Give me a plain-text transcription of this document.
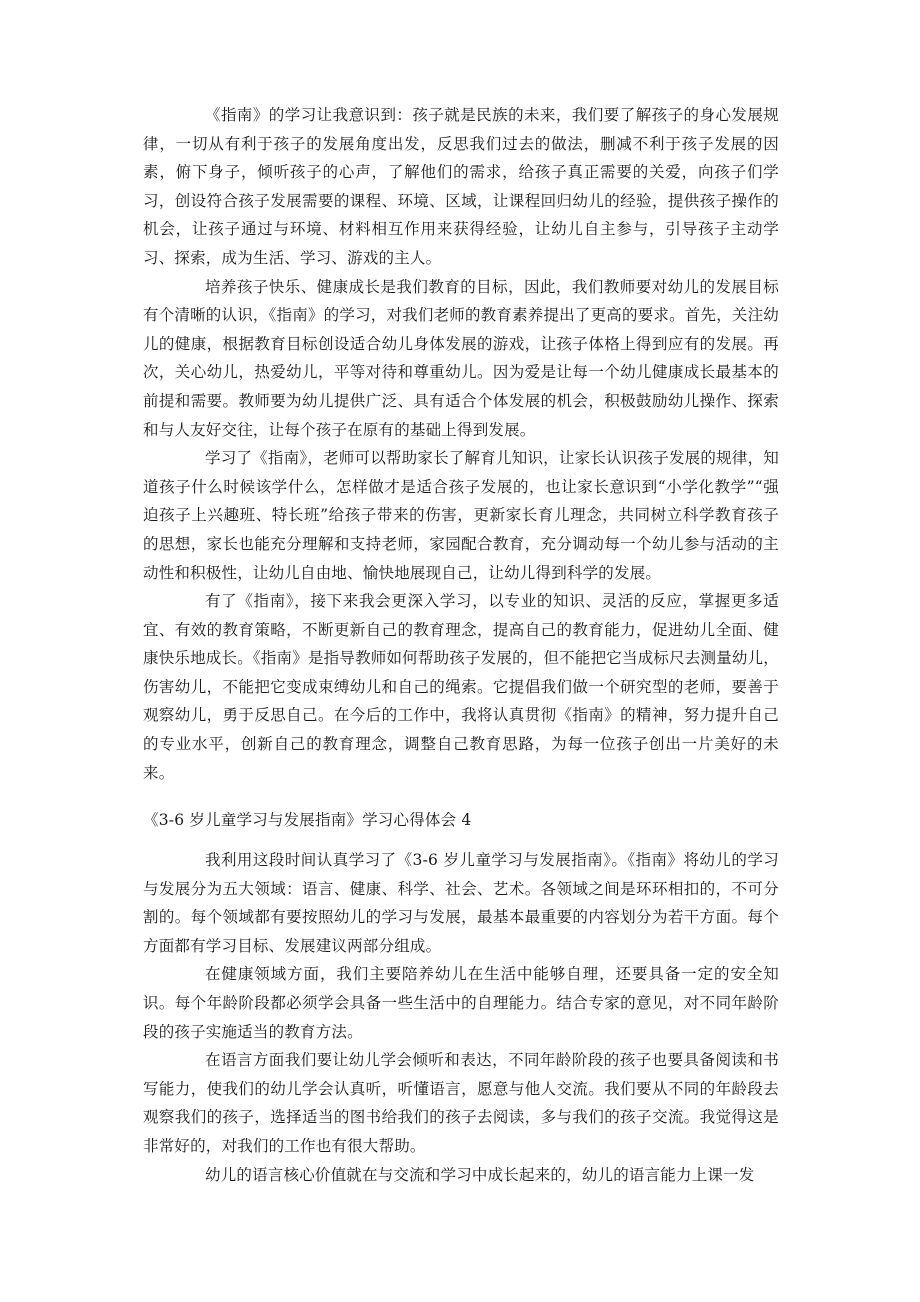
《指南》的学习让我意识到：孩子就是民族的未来，我们要了解孩子的身心发展规律，一切从有利于孩子的发展角度出发，反思我们过去的做法，删减不利于孩子发展的因素，俯下身子，倾听孩子的心声，了解他们的需求，给孩子真正需要的关爱，向孩子们学习，创设符合孩子发展需要的课程、环境、区域，让课程回归幼儿的经验，提供孩子操作的机会，让孩子通过与环境、材料相互作用来获得经验，让幼儿自主参与，引导孩子主动学习、探索，成为生活、学习、游戏的主人。

培养孩子快乐、健康成长是我们教育的目标，因此，我们教师要对幼儿的发展目标有个清晰的认识，《指南》的学习，对我们老师的教育素养提出了更高的要求。首先，关注幼儿的健康，根据教育目标创设适合幼儿身体发展的游戏，让孩子体格上得到应有的发展。再次，关心幼儿，热爱幼儿，平等对待和尊重幼儿。因为爱是让每一个幼儿健康成长最基本的前提和需要。教师要为幼儿提供广泛、具有适合个体发展的机会，积极鼓励幼儿操作、探索和与人友好交往，让每个孩子在原有的基础上得到发展。

学习了《指南》，老师可以帮助家长了解育儿知识，让家长认识孩子发展的规律，知道孩子什么时候该学什么，怎样做才是适合孩子发展的，也让家长意识到“小学化教学”“强迫孩子上兴趣班、特长班”给孩子带来的伤害，更新家长育儿理念，共同树立科学教育孩子的思想，家长也能充分理解和支持老师，家园配合教育，充分调动每一个幼儿参与活动的主动性和积极性，让幼儿自由地、愉快地展现自己，让幼儿得到科学的发展。

有了《指南》，接下来我会更深入学习，以专业的知识、灵活的反应，掌握更多适宜、有效的教育策略，不断更新自己的教育理念，提高自己的教育能力，促进幼儿全面、健康快乐地成长。《指南》是指导教师如何帮助孩子发展的，但不能把它当成标尺去测量幼儿，伤害幼儿，不能把它变成束缚幼儿和自己的绳索。它提倡我们做一个研究型的老师，要善于观察幼儿，勇于反思自己。在今后的工作中，我将认真贯彻《指南》的精神，努力提升自己的专业水平，创新自己的教育理念，调整自己教育思路，为每一位孩子创出一片美好的未来。

《3-6 岁儿童学习与发展指南》学习心得体会 4

我利用这段时间认真学习了《3-6 岁儿童学习与发展指南》。《指南》将幼儿的学习与发展分为五大领域：语言、健康、科学、社会、艺术。各领域之间是环环相扣的，不可分割的。每个领域都有要按照幼儿的学习与发展，最基本最重要的内容划分为若干方面。每个方面都有学习目标、发展建议两部分组成。

在健康领域方面，我们主要陪养幼儿在生活中能够自理，还要具备一定的安全知识。每个年龄阶段都必须学会具备一些生活中的自理能力。结合专家的意见，对不同年龄阶段的孩子实施适当的教育方法。

在语言方面我们要让幼儿学会倾听和表达，不同年龄阶段的孩子也要具备阅读和书写能力，使我们的幼儿学会认真听，听懂语言，愿意与他人交流。我们要从不同的年龄段去观察我们的孩子，选择适当的图书给我们的孩子去阅读，多与我们的孩子交流。我觉得这是非常好的，对我们的工作也有很大帮助。

幼儿的语言核心价值就在与交流和学习中成长起来的，幼儿的语言能力上课一发
